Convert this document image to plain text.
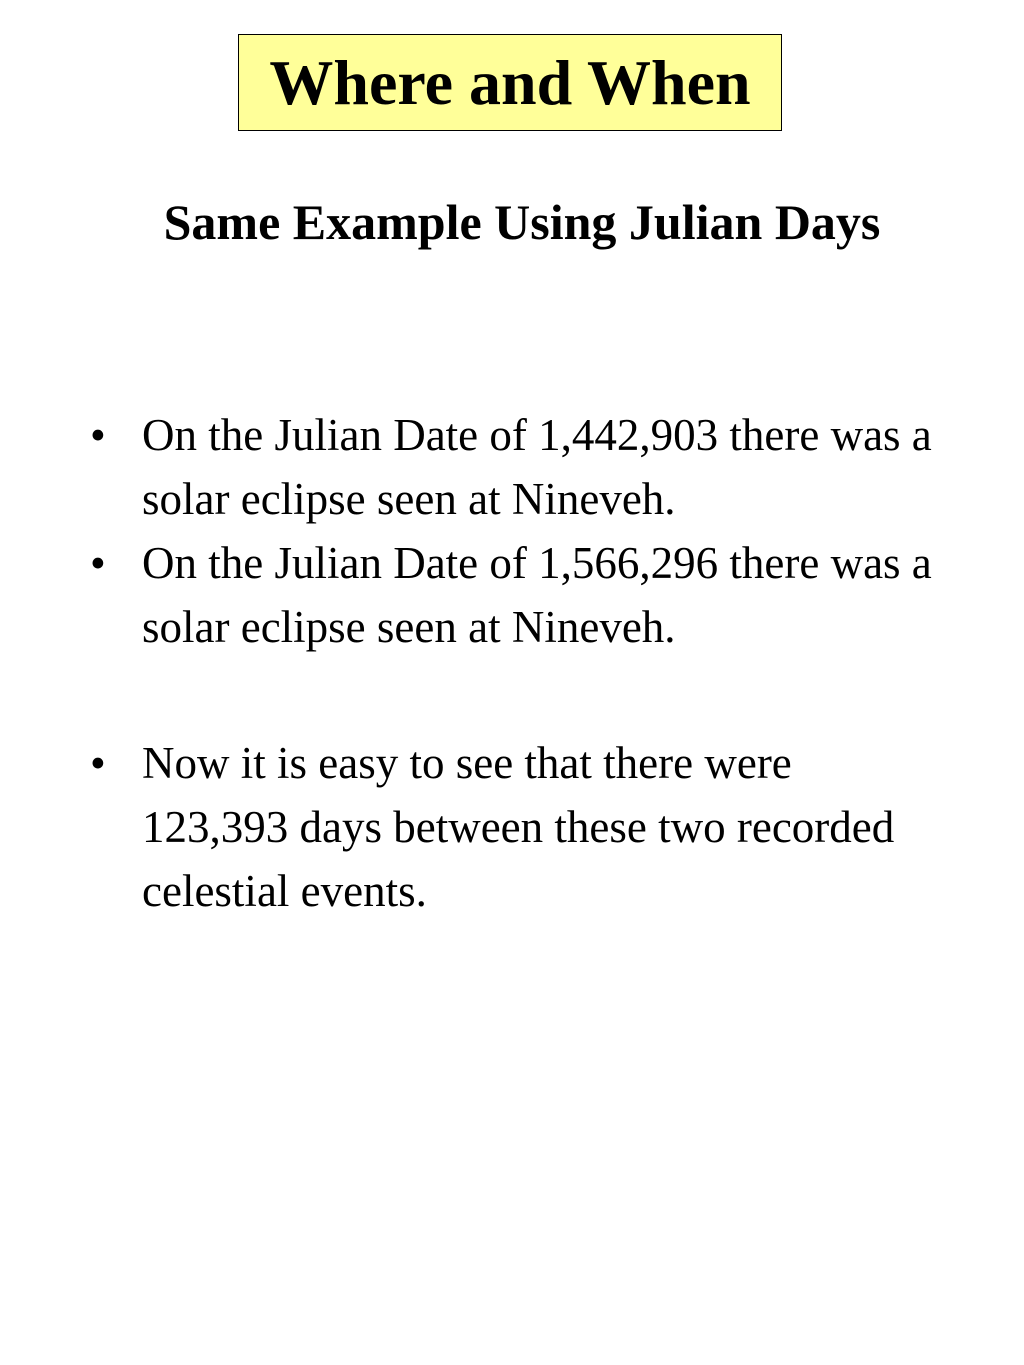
Where and When
Same Example Using Julian Days
• On the Julian Date of 1,442,903 there was a solar eclipse seen at Nineveh.
• On the Julian Date of 1,566,296 there was a solar eclipse seen at Nineveh.
• Now it is easy to see that there were 123,393 days between these two recorded celestial events.
